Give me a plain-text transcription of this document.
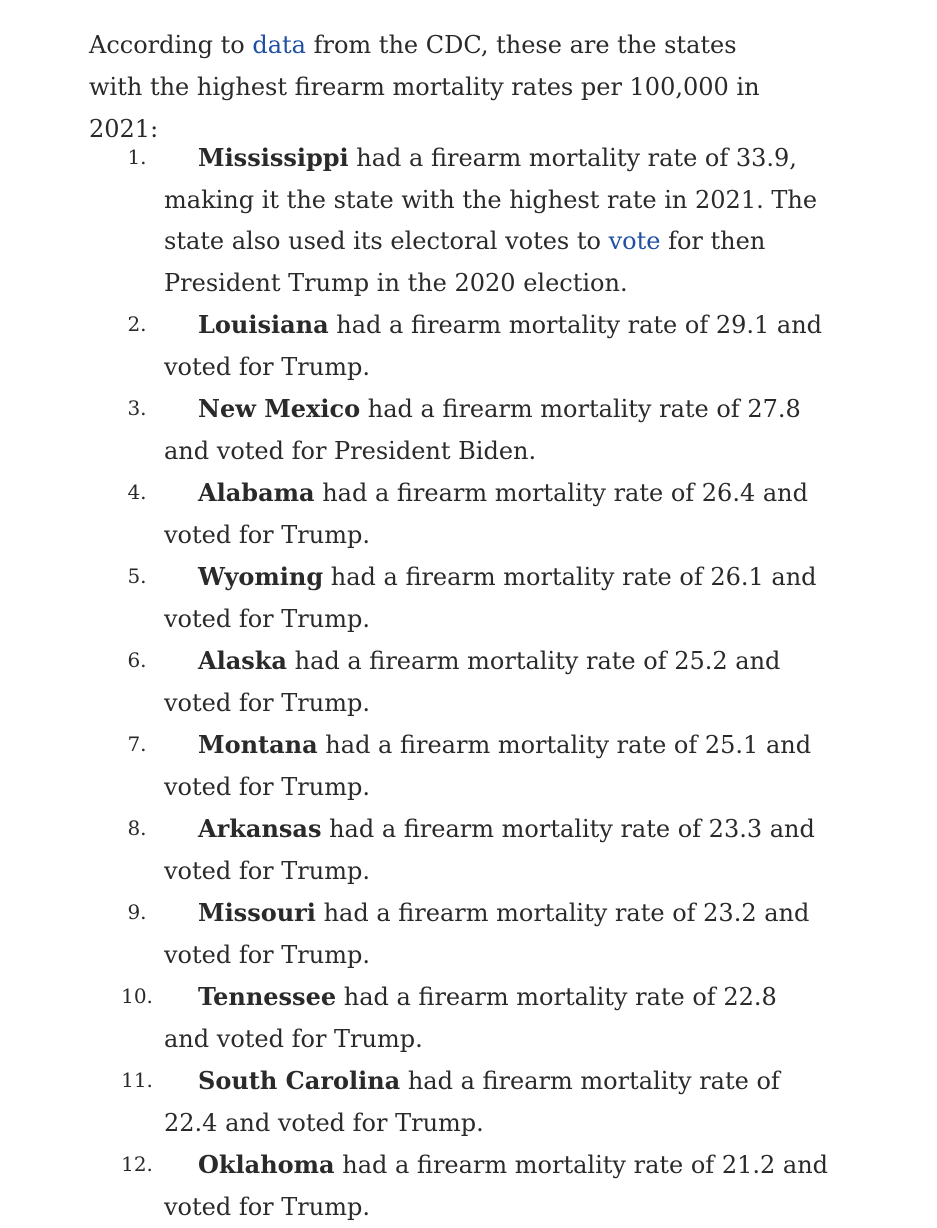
According to data from the CDC, these are the states with the highest firearm mortality rates per 100,000 in 2021:

1. Mississippi had a firearm mortality rate of 33.9, making it the state with the highest rate in 2021. The state also used its electoral votes to vote for then President Trump in the 2020 election.
2. Louisiana had a firearm mortality rate of 29.1 and voted for Trump.
3. New Mexico had a firearm mortality rate of 27.8 and voted for President Biden.
4. Alabama had a firearm mortality rate of 26.4 and voted for Trump.
5. Wyoming had a firearm mortality rate of 26.1 and voted for Trump.
6. Alaska had a firearm mortality rate of 25.2 and voted for Trump.
7. Montana had a firearm mortality rate of 25.1 and voted for Trump.
8. Arkansas had a firearm mortality rate of 23.3 and voted for Trump.
9. Missouri had a firearm mortality rate of 23.2 and voted for Trump.
10. Tennessee had a firearm mortality rate of 22.8 and voted for Trump.
11. South Carolina had a firearm mortality rate of 22.4 and voted for Trump.
12. Oklahoma had a firearm mortality rate of 21.2 and voted for Trump.
